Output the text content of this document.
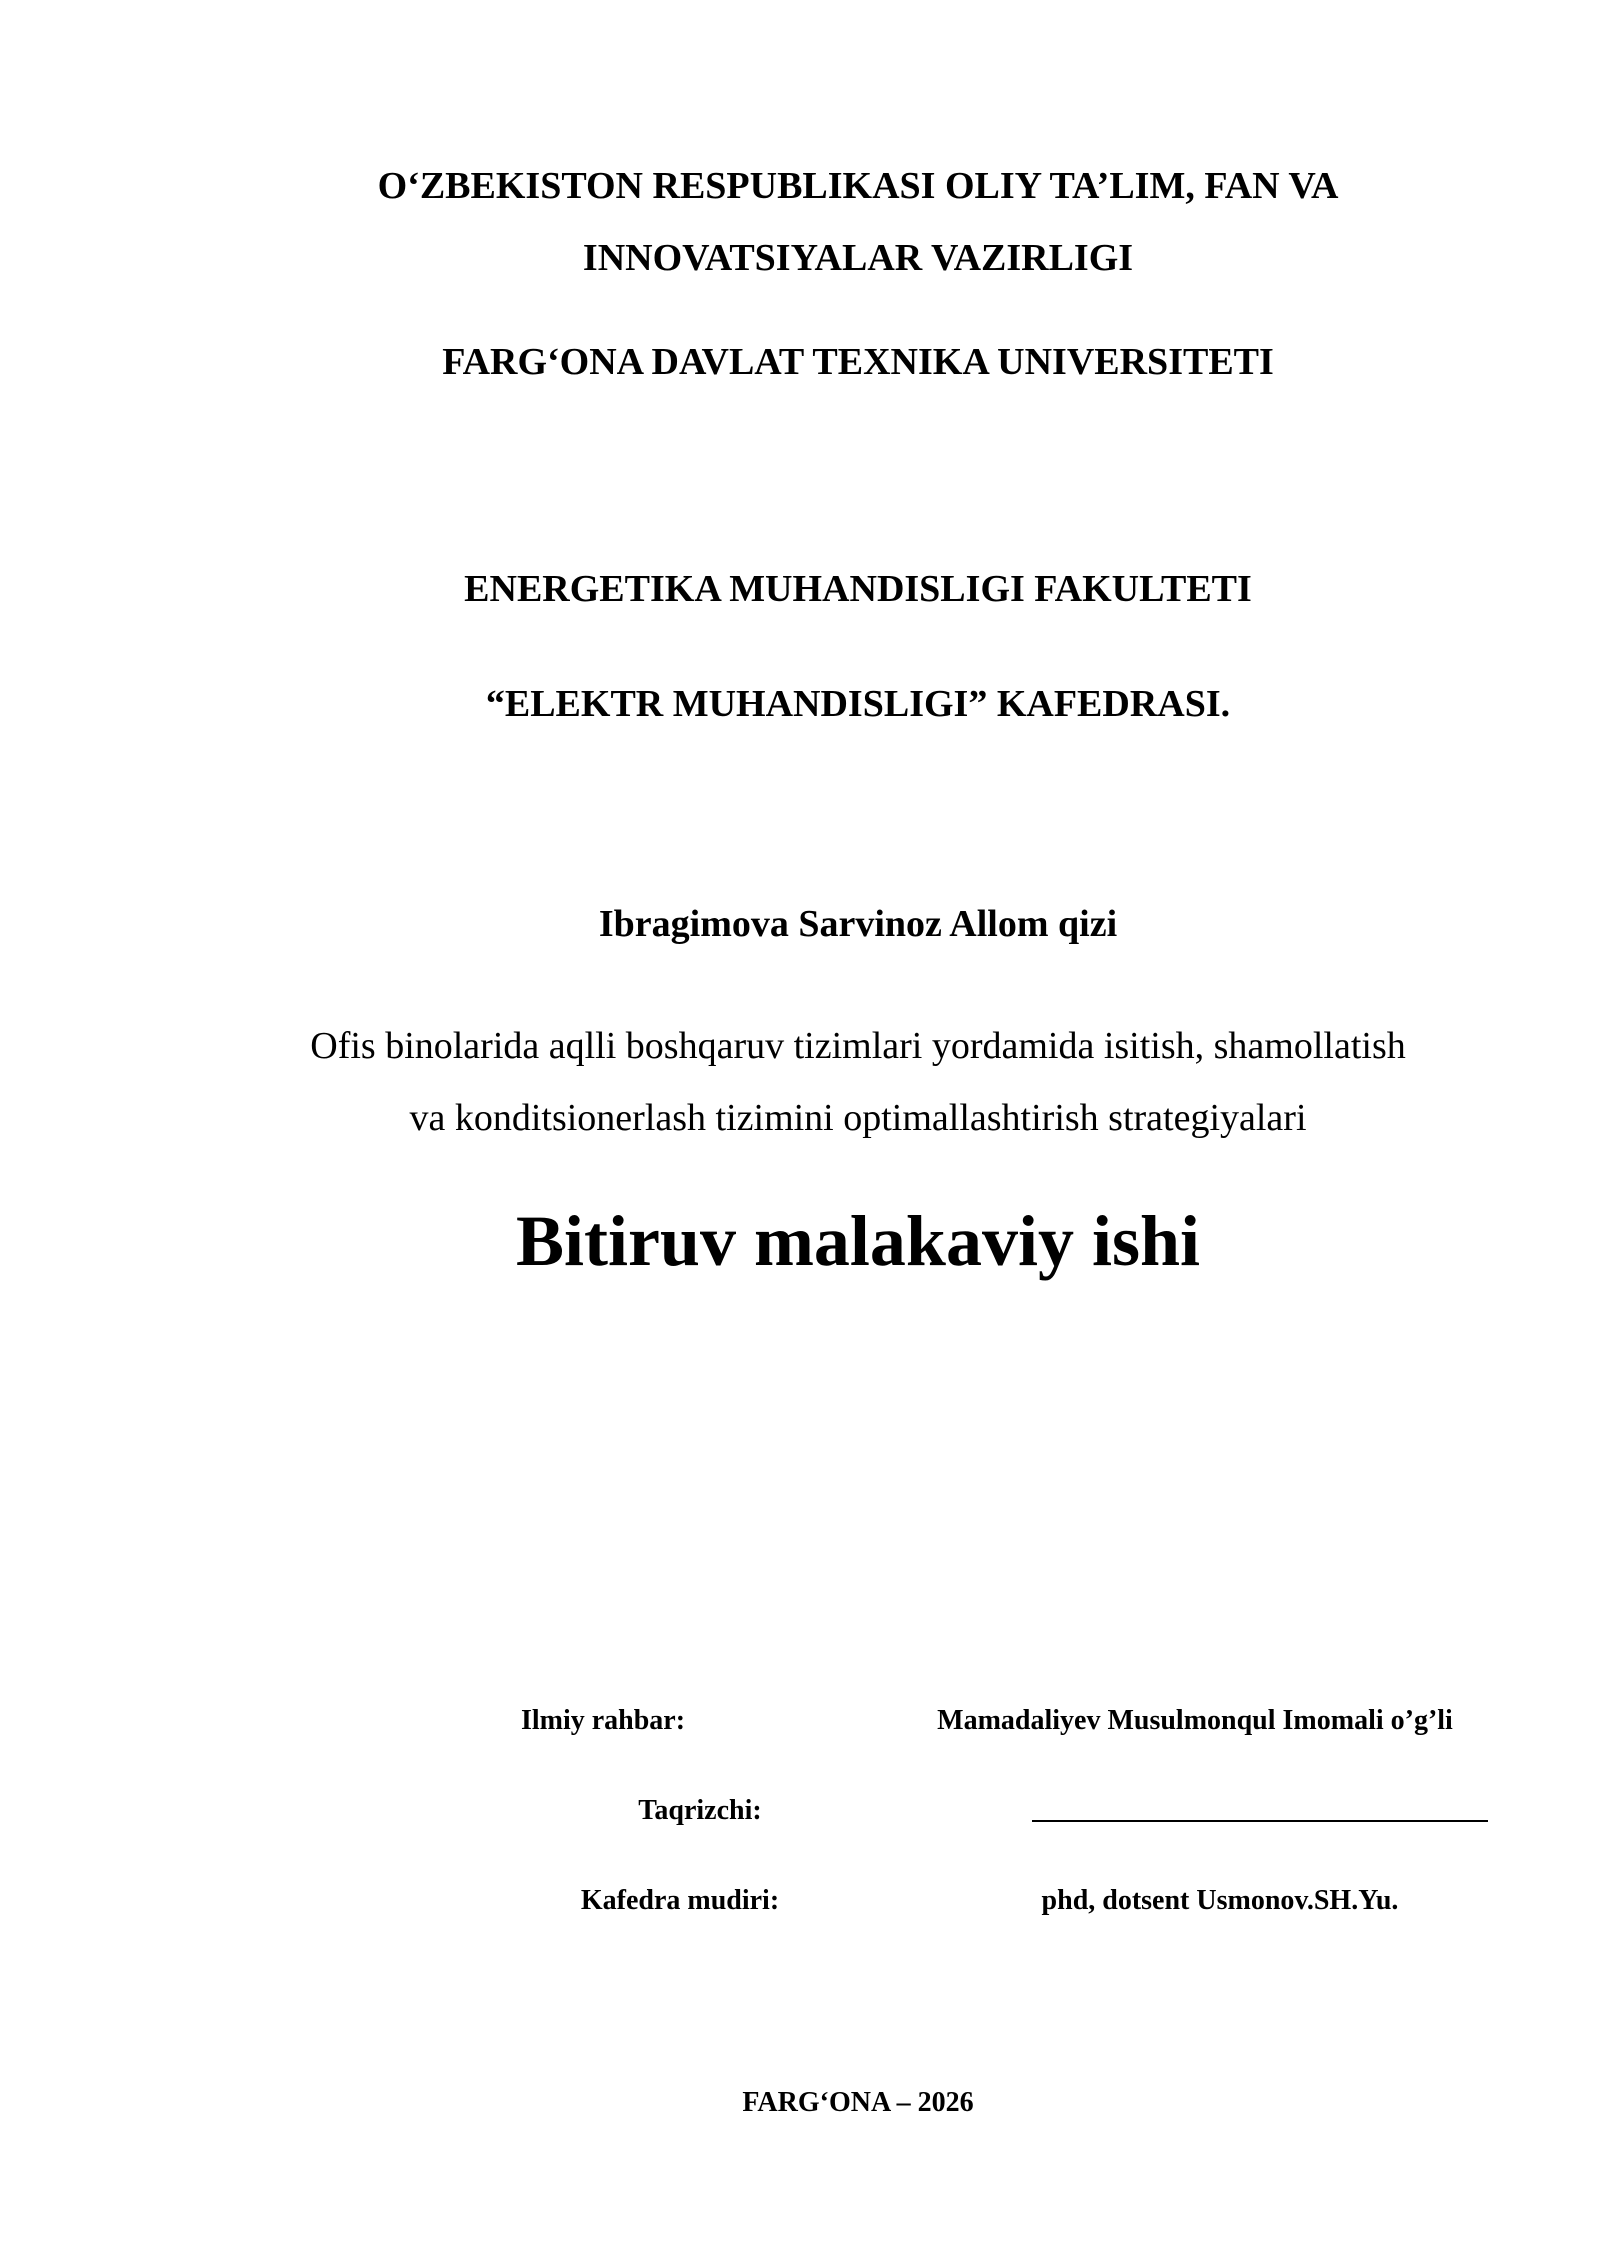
O‘ZBEKISTON RESPUBLIKASI OLIY TA’LIM, FAN VA
INNOVATSIYALAR VAZIRLIGI
FARG‘ONA DAVLAT TEXNIKA UNIVERSITETI
ENERGETIKA MUHANDISLIGI FAKULTETI
“ELEKTR MUHANDISLIGI” KAFEDRASI.
Ibragimova Sarvinoz Allom qizi
Ofis binolarida aqlli boshqaruv tizimlari yordamida isitish, shamollatish
va konditsionerlash tizimini optimallashtirish strategiyalari
Bitiruv malakaviy ishi
Ilmiy rahbar:	Mamadaliyev Musulmonqul Imomali o’g’li
Taqrizchi:
Kafedra mudiri:	phd, dotsent Usmonov.SH.Yu.
FARG‘ONA – 2026
